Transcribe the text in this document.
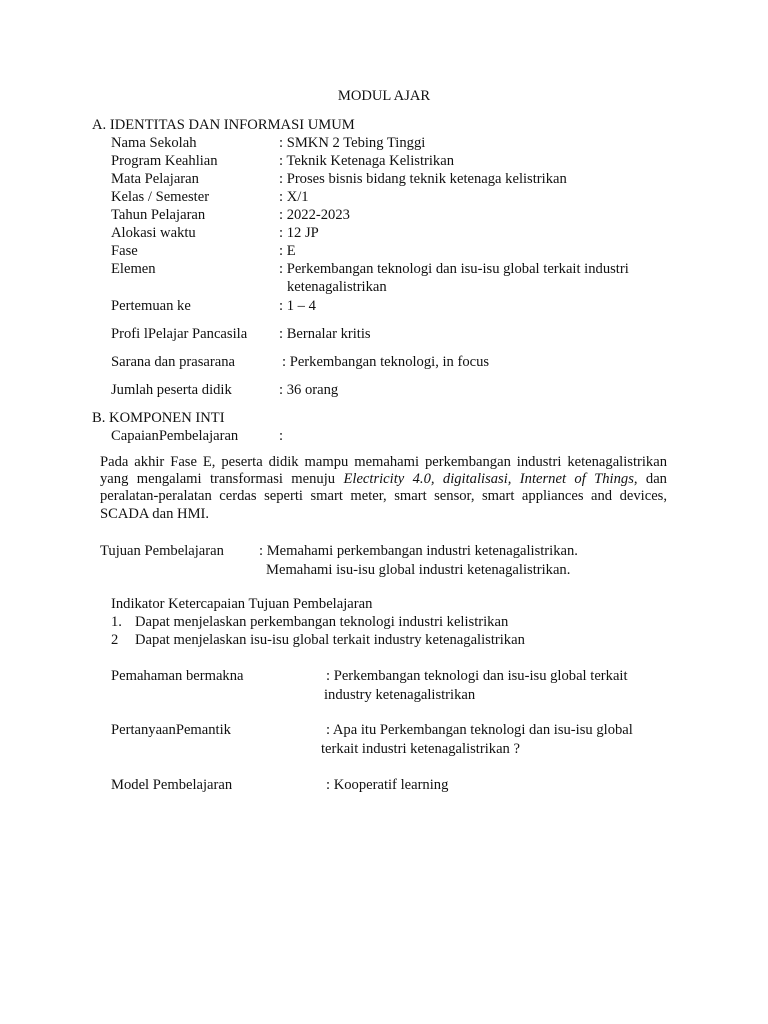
MODUL AJAR
A. IDENTITAS DAN INFORMASI UMUM
Nama Sekolah	: SMKN 2 Tebing Tinggi
Program Keahlian	: Teknik Ketenaga Kelistrikan
Mata Pelajaran	: Proses bisnis bidang teknik ketenaga kelistrikan
Kelas / Semester	: X/1
Tahun Pelajaran	: 2022-2023
Alokasi waktu	: 12 JP
Fase	: E
Elemen	: Perkembangan teknologi dan isu-isu global terkait industri
ketenagalistrikan
Pertemuan ke	: 1 – 4
Profi lPelajar Pancasila : Bernalar kritis
Sarana dan prasarana	: Perkembangan teknologi, in focus
Jumlah peserta didik	: 36 orang
B. KOMPONEN INTI
CapaianPembelajaran	:

Pada akhir Fase E, peserta didik mampu memahami perkembangan industri ketenagalistrikan yang mengalami transformasi menuju Electricity 4.0, digitalisasi, Internet of Things, dan peralatan-peralatan cerdas seperti smart meter, smart sensor, smart appliances and devices, SCADA dan HMI.

Tujuan Pembelajaran : Memahami perkembangan industri ketenagalistrikan.
Memahami isu-isu global industri ketenagalistrikan.
Indikator Ketercapaian Tujuan Pembelajaran
1. Dapat menjelaskan perkembangan teknologi industri kelistrikan
2 Dapat menjelaskan isu-isu global terkait industry ketenagalistrikan
Pemahaman bermakna	: Perkembangan teknologi dan isu-isu global terkait
industry ketenagalistrikan
PertanyaanPemantik	: Apa itu Perkembangan teknologi dan isu-isu global
terkait industri ketenagalistrikan ?
Model Pembelajaran	: Kooperatif learning
